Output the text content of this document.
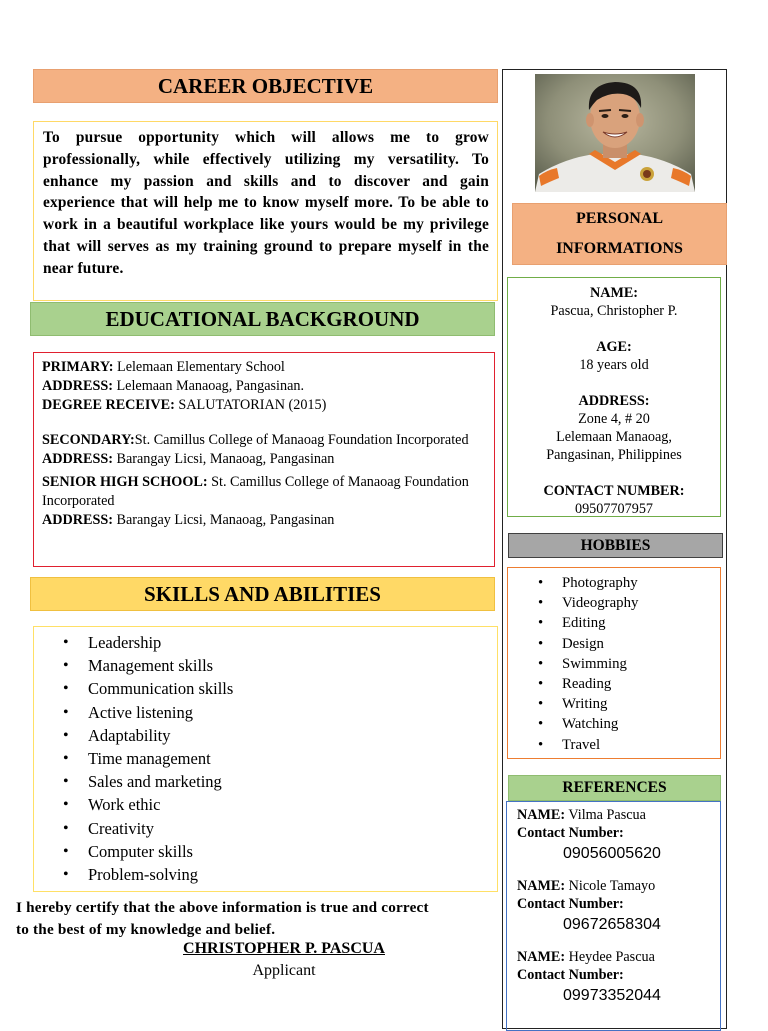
CAREER OBJECTIVE
To pursue opportunity which will allows me to grow professionally, while effectively utilizing my versatility. To enhance my passion and skills and to discover and gain experience that will help me to know myself more. To be able to work in a beautiful workplace like yours would be my privilege that will serves as my training ground to prepare myself in the near future.
EDUCATIONAL BACKGROUND
PRIMARY: Lelemaan Elementary School
ADDRESS: Lelemaan Manaoag, Pangasinan.
DEGREE RECEIVE: SALUTATORIAN (2015)
SECONDARY:St. Camillus College of Manaoag Foundation Incorporated
ADDRESS: Barangay Licsi, Manaoag, Pangasinan
SENIOR HIGH SCHOOL: St. Camillus College of Manaoag Foundation Incorporated
ADDRESS: Barangay Licsi, Manaoag, Pangasinan
SKILLS AND ABILITIES
• Leadership
• Management skills
• Communication skills
• Active listening
• Adaptability
• Time management
• Sales and marketing
• Work ethic
• Creativity
• Computer skills
• Problem-solving
I hereby certify that the above information is true and correct
to the best of my knowledge and belief.
CHRISTOPHER P. PASCUA
Applicant
PERSONAL
INFORMATIONS
NAME:
Pascua, Christopher P.
AGE:
18 years old
ADDRESS:
Zone 4, # 20
Lelemaan Manaoag,
Pangasinan, Philippines
CONTACT NUMBER:
09507707957
HOBBIES
• Photography
• Videography
• Editing
• Design
• Swimming
• Reading
• Writing
• Watching
• Travel
REFERENCES
NAME: Vilma Pascua
Contact Number:
09056005620
NAME: Nicole Tamayo
Contact Number:
09672658304
NAME: Heydee Pascua
Contact Number:
09973352044
